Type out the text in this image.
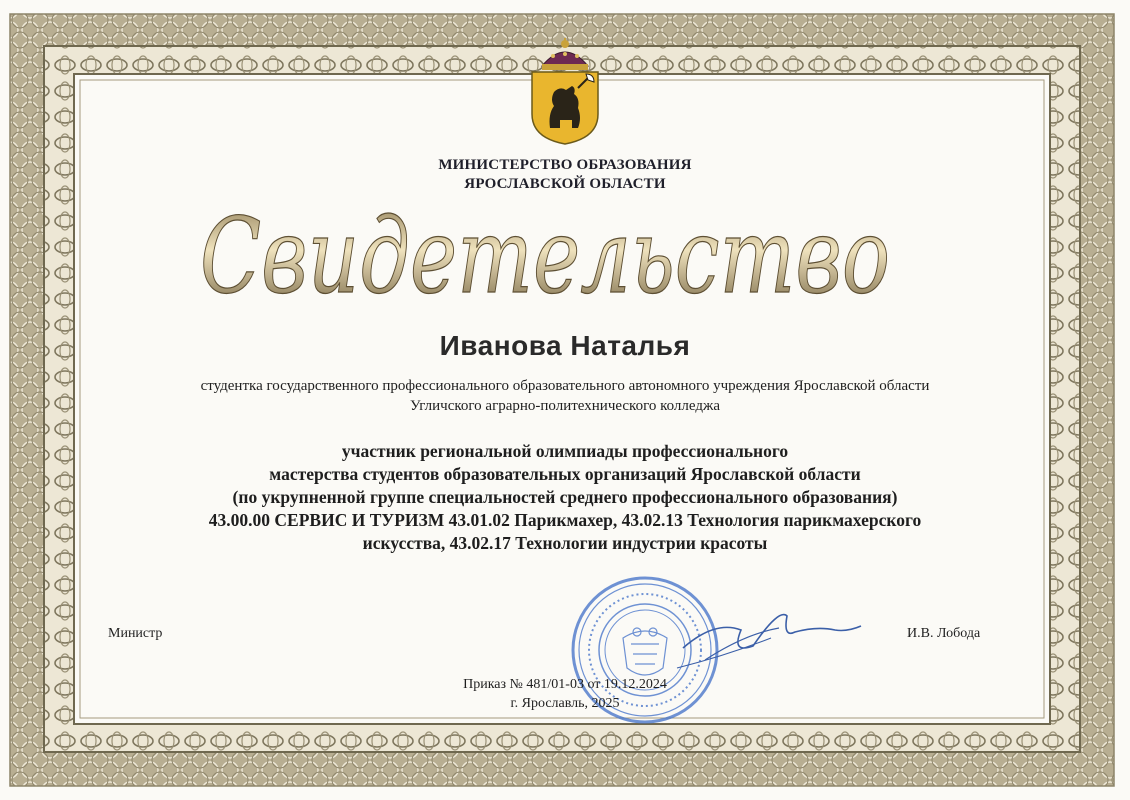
МИНИСТЕРСТВО ОБРАЗОВАНИЯ
ЯРОСЛАВСКОЙ ОБЛАСТИ
Свидетельство
Иванова Наталья
студентка государственного профессионального образовательного автономного учреждения Ярославской области
Угличского аграрно-политехнического колледжа
участник региональной олимпиады профессионального
мастерства студентов образовательных организаций Ярославской области
(по укрупненной группе специальностей среднего профессионального образования)
43.00.00 СЕРВИС И ТУРИЗМ 43.01.02 Парикмахер, 43.02.13 Технология парикмахерского
искусства, 43.02.17 Технологии индустрии красоты
Министр	И.В. Лобода
Приказ № 481/01-03 от 19.12.2024
г. Ярославль, 2025
